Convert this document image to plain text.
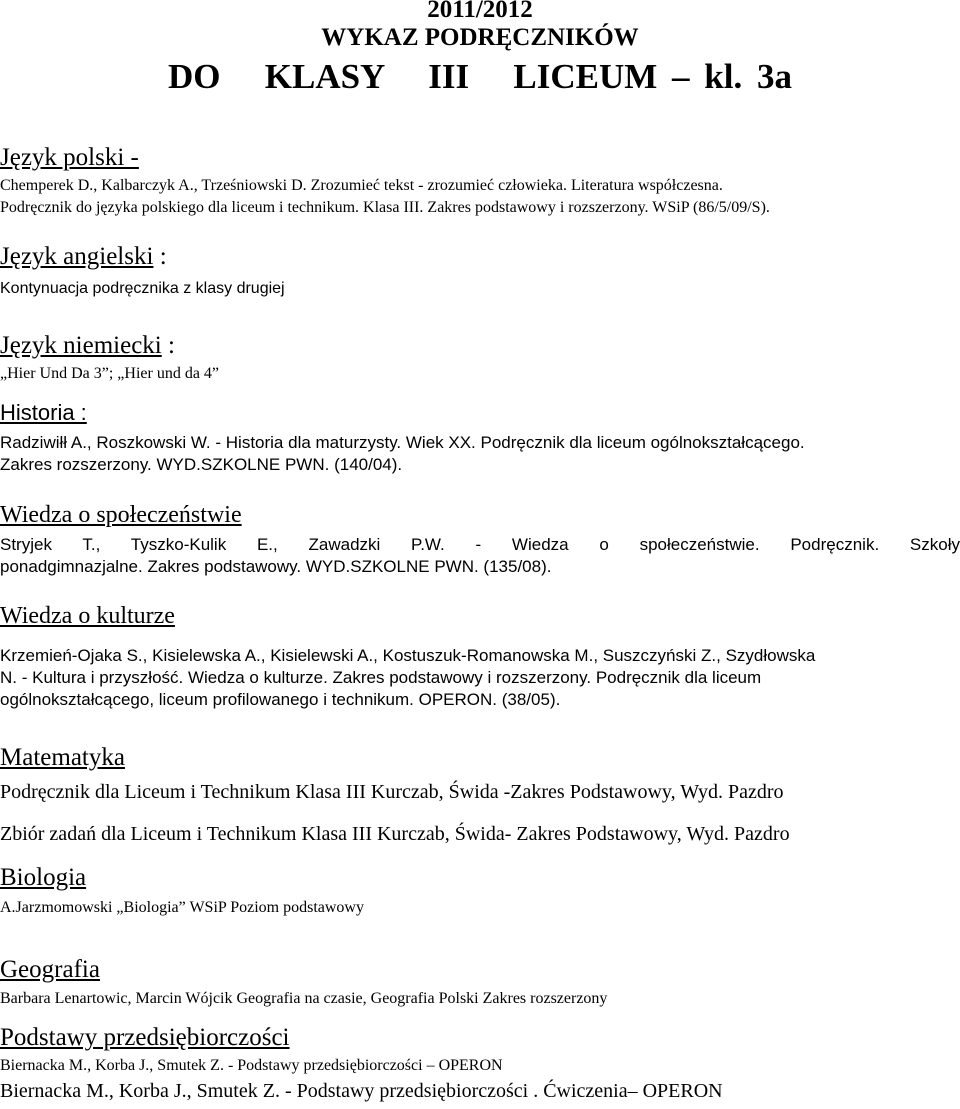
2011/2012
WYKAZ PODRĘCZNIKÓW
DO   KLASY   III   LICEUM – kl. 3a
Język polski -
Chemperek D., Kalbarczyk A., Trześniowski D. Zrozumieć tekst - zrozumieć człowieka. Literatura współczesna.
Podręcznik do języka polskiego dla liceum i technikum. Klasa III. Zakres podstawowy i rozszerzony. WSiP (86/5/09/S).
Język angielski :
Kontynuacja podręcznika z klasy drugiej
Język niemiecki :
„Hier Und Da 3”; „Hier und da 4”
Historia :
Radziwiłł A., Roszkowski W. - Historia dla maturzysty. Wiek XX. Podręcznik dla liceum ogólnokształcącego.
Zakres rozszerzony. WYD.SZKOLNE PWN. (140/04).
Wiedza o społeczeństwie
Stryjek T., Tyszko-Kulik E., Zawadzki P.W. - Wiedza o społeczeństwie. Podręcznik. Szkoły
ponadgimnazjalne. Zakres podstawowy. WYD.SZKOLNE PWN. (135/08).
Wiedza o kulturze
Krzemień-Ojaka S., Kisielewska A., Kisielewski A., Kostuszuk-Romanowska M., Suszczyński Z., Szydłowska
N. - Kultura i przyszłość. Wiedza o kulturze. Zakres podstawowy i rozszerzony. Podręcznik dla liceum
ogólnokształcącego, liceum profilowanego i technikum. OPERON. (38/05).
Matematyka
Podręcznik dla Liceum i Technikum Klasa III Kurczab, Świda -Zakres Podstawowy, Wyd. Pazdro
Zbiór zadań dla Liceum i Technikum Klasa III Kurczab, Świda- Zakres Podstawowy, Wyd. Pazdro
Biologia
A.Jarzmomowski „Biologia” WSiP Poziom podstawowy
Geografia
Barbara Lenartowic, Marcin Wójcik Geografia na czasie, Geografia Polski Zakres rozszerzony
Podstawy przedsiębiorczości
Biernacka M., Korba J., Smutek Z. - Podstawy przedsiębiorczości – OPERON
Biernacka M., Korba J., Smutek Z. - Podstawy przedsiębiorczości . Ćwiczenia– OPERON
